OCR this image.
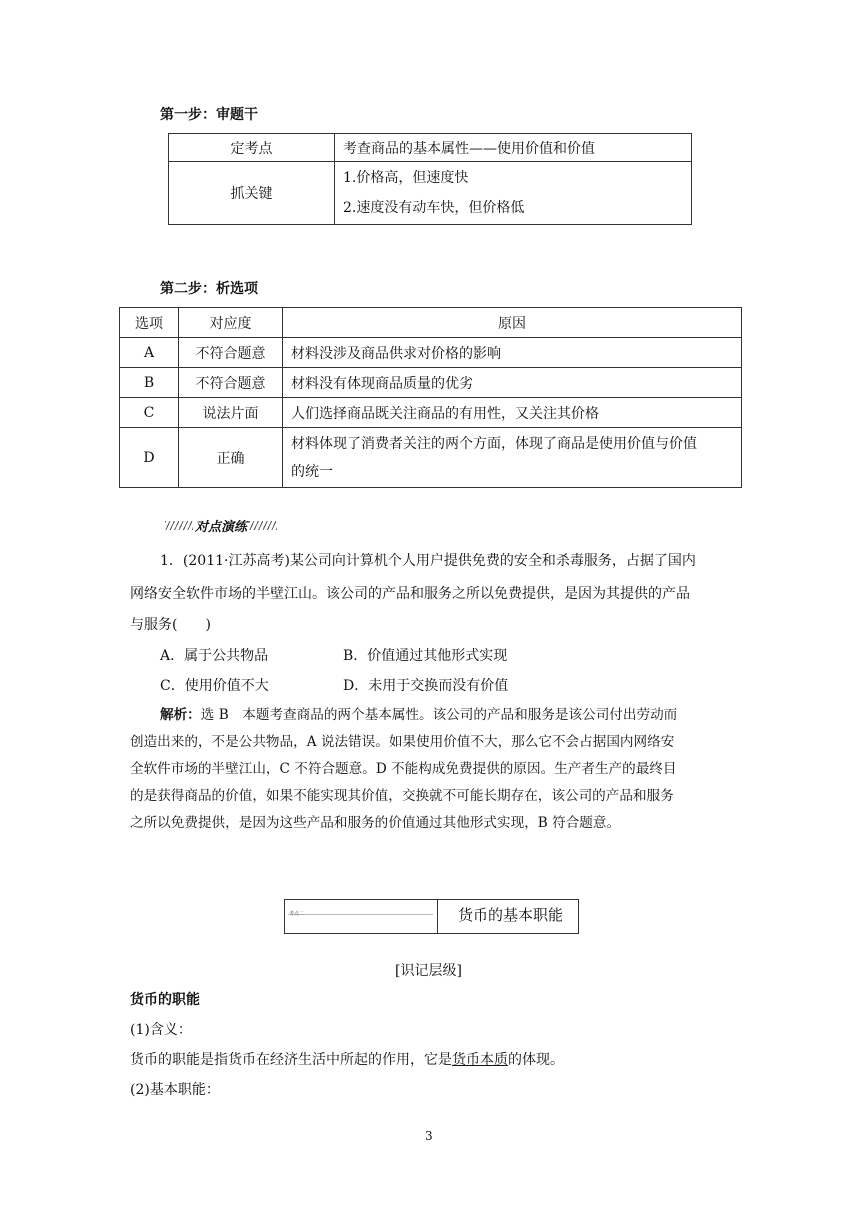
第一步：审题干
定考点	考查商品的基本属性——使用价值和价值
抓关键	1.价格高，但速度快
2.速度没有动车快，但价格低
第二步：析选项
选项	对应度	原因
A	不符合题意	材料没涉及商品供求对价格的影响
B	不符合题意	材料没有体现商品质量的优劣
C	说法片面	人们选择商品既关注商品的有用性，又关注其价格
D	正确	材料体现了消费者关注的两个方面，体现了商品是使用价值与价值
的统一
对点演练
1．(2011·江苏高考)某公司向计算机个人用户提供免费的安全和杀毒服务，占据了国内
网络安全软件市场的半壁江山。该公司的产品和服务之所以免费提供，是因为其提供的产品
与服务(　　)
A．属于公共物品	B．价值通过其他形式实现
C．使用价值不大	D．未用于交换而没有价值
解析：选 B　本题考查商品的两个基本属性。该公司的产品和服务是该公司付出劳动而
创造出来的，不是公共物品，A 说法错误。如果使用价值不大，那么它不会占据国内网络安
全软件市场的半壁江山，C 不符合题意。D 不能构成免费提供的原因。生产者生产的最终目
的是获得商品的价值，如果不能实现其价值，交换就不可能长期存在，该公司的产品和服务
之所以免费提供，是因为这些产品和服务的价值通过其他形式实现，B 符合题意。
考点二	货币的基本职能
[识记层级]
货币的职能
(1)含义：
货币的职能是指货币在经济生活中所起的作用，它是货币本质的体现。
(2)基本职能：
3
